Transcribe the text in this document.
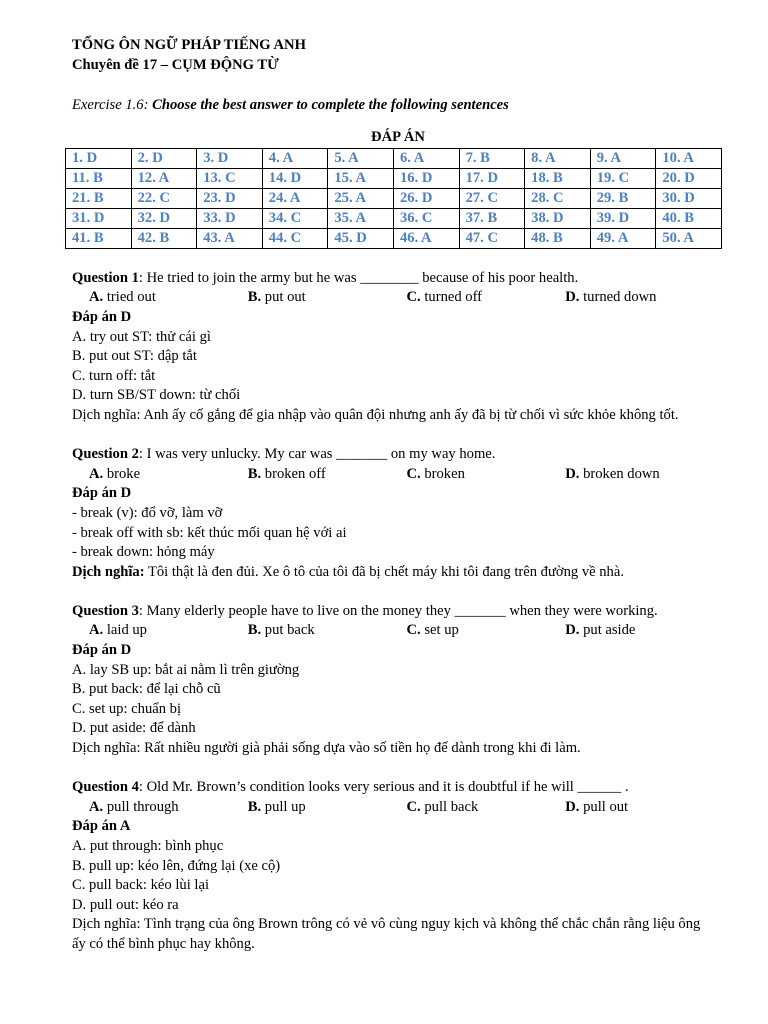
TỔNG ÔN NGỮ PHÁP TIẾNG ANH
Chuyên đề 17 – CỤM ĐỘNG TỪ
Exercise 1.6: Choose the best answer to complete the following sentences
ĐÁP ÁN
1. D	2. D	3. D	4. A	5. A	6. A	7. B	8. A	9. A	10. A
11. B	12. A	13. C	14. D	15. A	16. D	17. D	18. B	19. C	20. D
21. B	22. C	23. D	24. A	25. A	26. D	27. C	28. C	29. B	30. D
31. D	32. D	33. D	34. C	35. A	36. C	37. B	38. D	39. D	40. B
41. B	42. B	43. A	44. C	45. D	46. A	47. C	48. B	49. A	50. A
Question 1: He tried to join the army but he was ________ because of his poor health.
A. tried out	B. put out	C. turned off	D. turned down
Đáp án D
A. try out ST: thử cái gì
B. put out ST: dập tắt
C. turn off: tắt
D. turn SB/ST down: từ chối
Dịch nghĩa: Anh ấy cố gắng để gia nhập vào quân đội nhưng anh ấy đã bị từ chối vì sức khỏe không tốt.
Question 2: I was very unlucky. My car was _______ on my way home.
A. broke	B. broken off	C. broken	D. broken down
Đáp án D
- break (v): đổ vỡ, làm vỡ
- break off with sb: kết thúc mối quan hệ với ai
- break down: hỏng máy
Dịch nghĩa: Tôi thật là đen đủi. Xe ô tô của tôi đã bị chết máy khi tôi đang trên đường về nhà.
Question 3: Many elderly people have to live on the money they _______ when they were working.
A. laid up	B. put back	C. set up	D. put aside
Đáp án D
A. lay SB up: bắt ai nằm lì trên giường
B. put back: để lại chỗ cũ
C. set up: chuẩn bị
D. put aside: để dành
Dịch nghĩa: Rất nhiều người già phải sống dựa vào số tiền họ để dành trong khi đi làm.
Question 4: Old Mr. Brown’s condition looks very serious and it is doubtful if he will ______ .
A. pull through	B. pull up	C. pull back	D. pull out
Đáp án A
A. put through: bình phục
B. pull up: kéo lên, đứng lại (xe cộ)
C. pull back: kéo lùi lại
D. pull out: kéo ra
Dịch nghĩa: Tình trạng của ông Brown trông có vẻ vô cùng nguy kịch và không thể chắc chắn rằng liệu ông ấy có thể bình phục hay không.
